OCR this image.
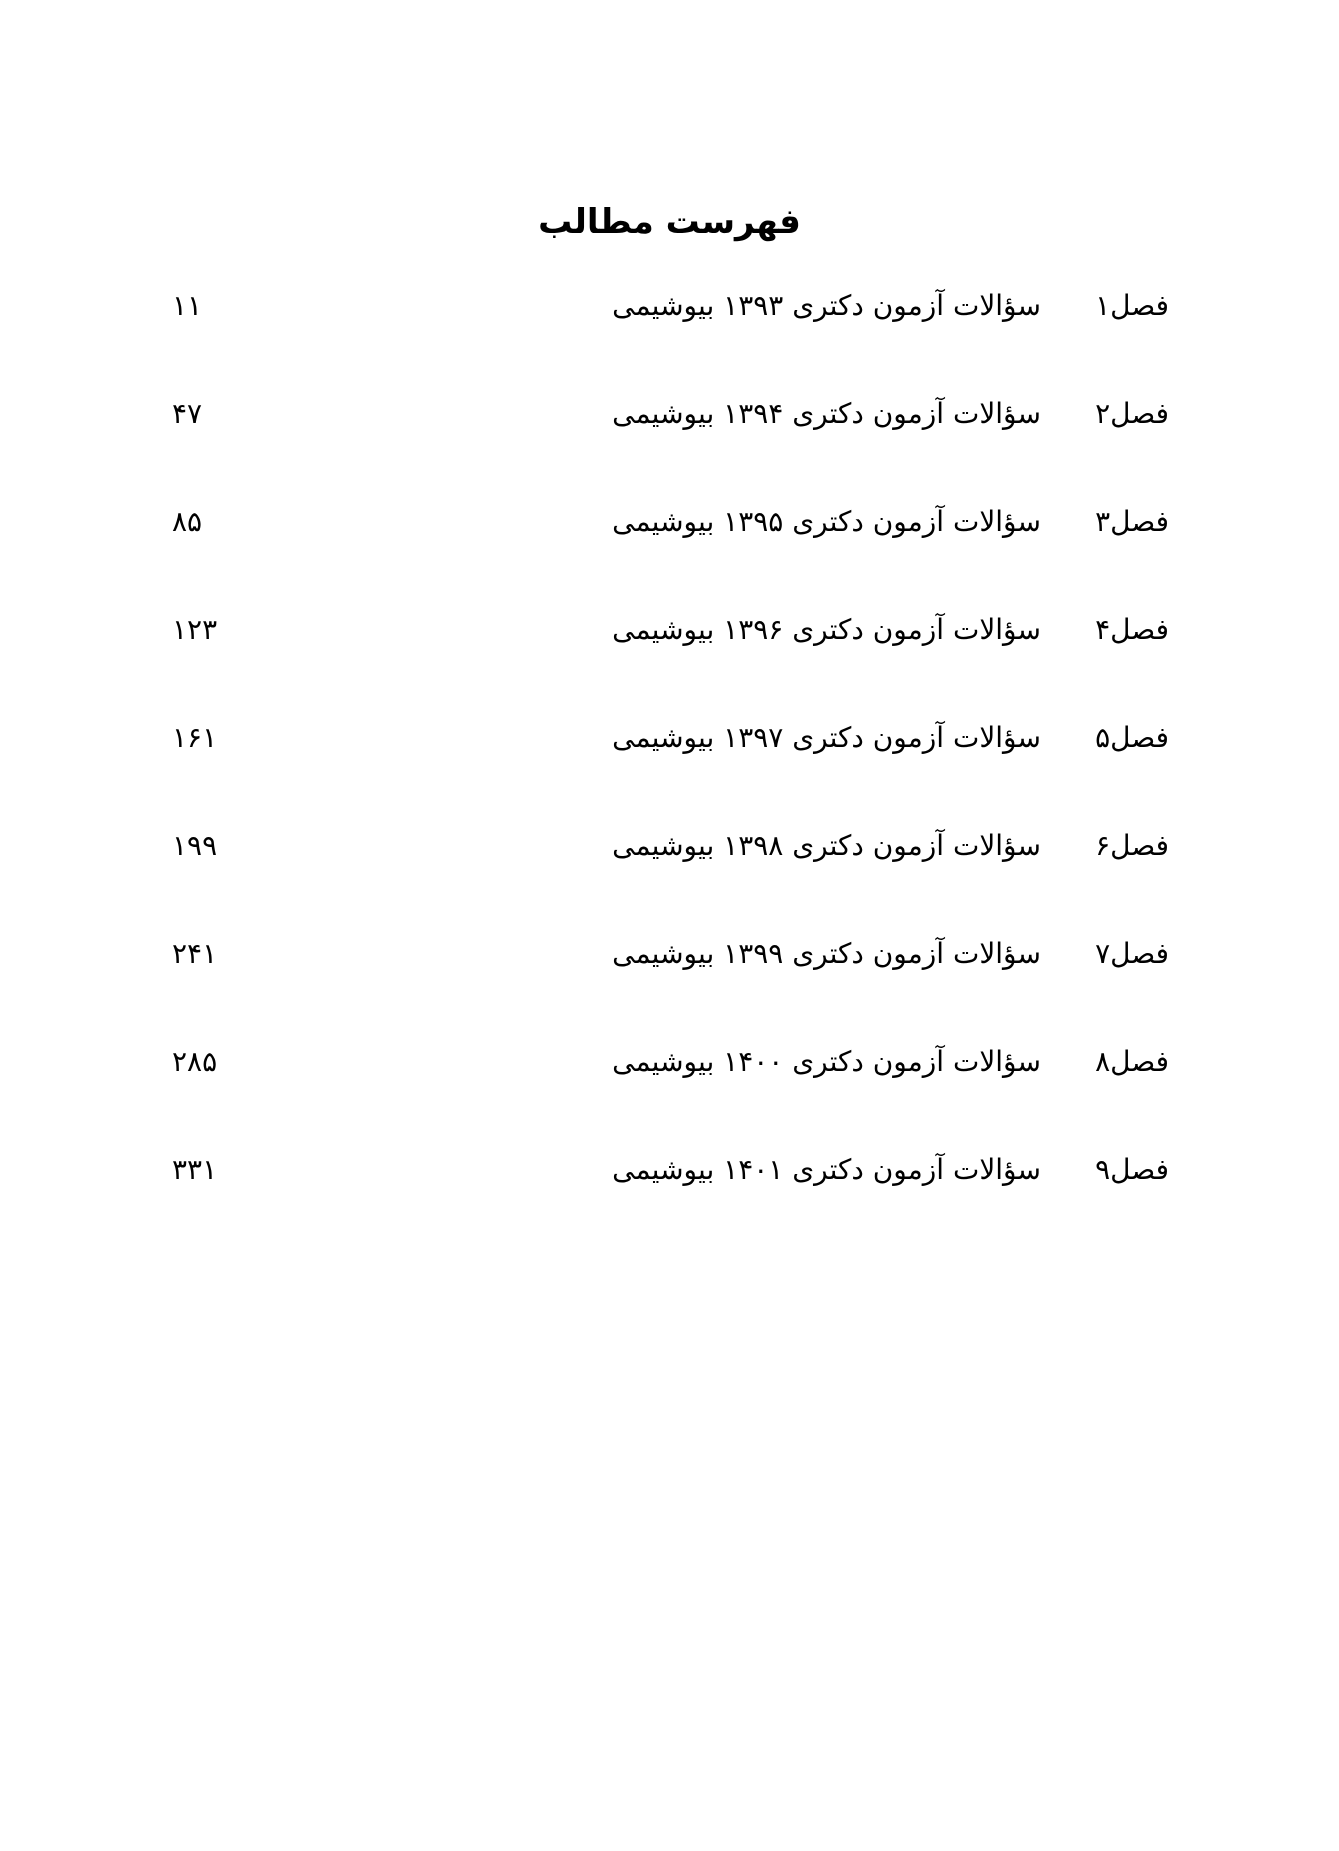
فهرست مطالب
فصل۱
سؤالات آزمون دکتری ۱۳۹۳ بیوشیمی
۱۱
فصل۲
سؤالات آزمون دکتری ۱۳۹۴ بیوشیمی
۴۷
فصل۳
سؤالات آزمون دکتری ۱۳۹۵ بیوشیمی
۸۵
فصل۴
سؤالات آزمون دکتری ۱۳۹۶ بیوشیمی
۱۲۳
فصل۵
سؤالات آزمون دکتری ۱۳۹۷ بیوشیمی
۱۶۱
فصل۶
سؤالات آزمون دکتری ۱۳۹۸ بیوشیمی
۱۹۹
فصل۷
سؤالات آزمون دکتری ۱۳۹۹ بیوشیمی
۲۴۱
فصل۸
سؤالات آزمون دکتری ۱۴۰۰ بیوشیمی
۲۸۵
فصل۹
سؤالات آزمون دکتری ۱۴۰۱ بیوشیمی
۳۳۱
